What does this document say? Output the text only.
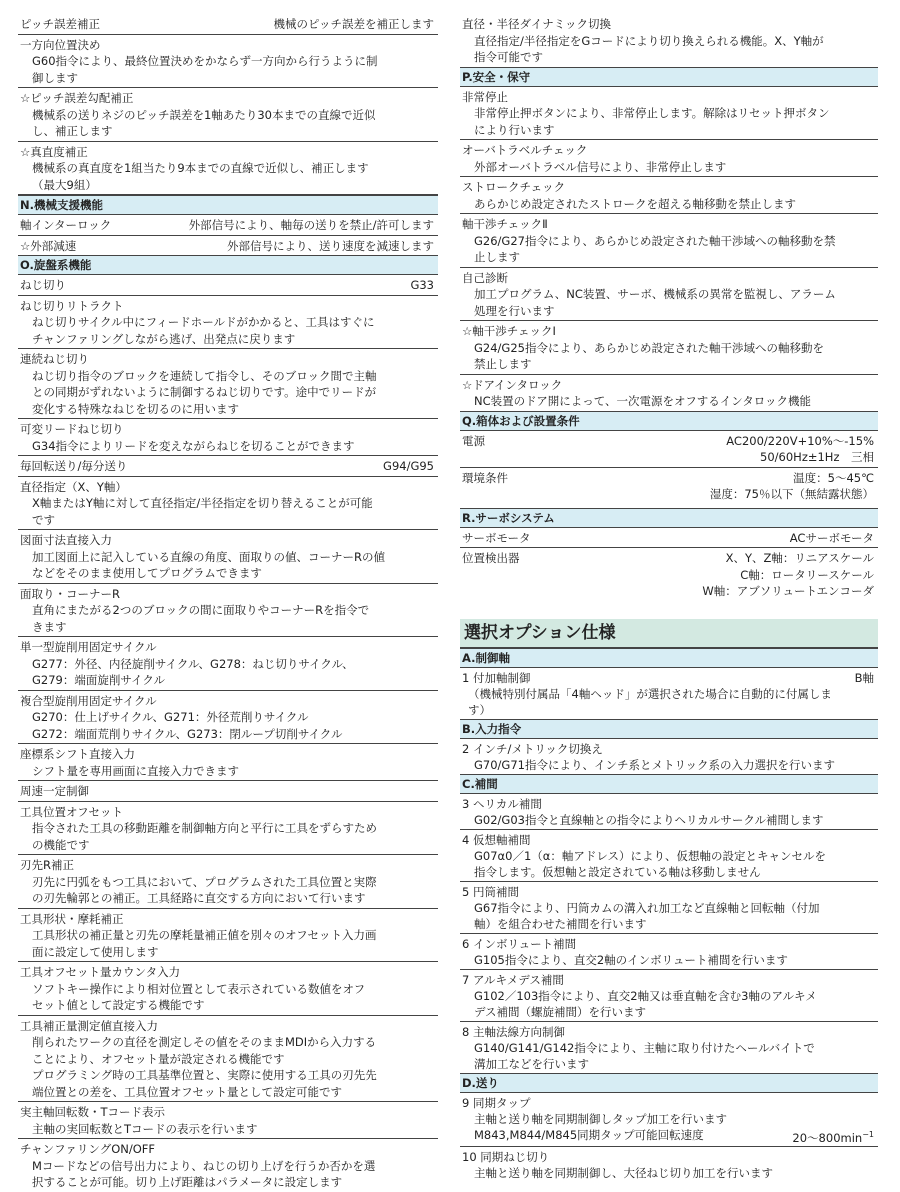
ピッチ誤差補正	機械のピッチ誤差を補正します
一方向位置決め
G60指令により、最終位置決めをかならず一方向から行うように制
御します
☆ピッチ誤差勾配補正
機械系の送りネジのピッチ誤差を1軸あたり30本までの直線で近似
し、補正します
☆真直度補正
機械系の真直度を1組当たり9本までの直線で近似し、補正します
（最大9組）
N.機械支援機能
軸インターロック	外部信号により、軸毎の送りを禁止/許可します
☆外部減速	外部信号により、送り速度を減速します
O.旋盤系機能
ねじ切り	G33
ねじ切りリトラクト
ねじ切りサイクル中にフィードホールドがかかると、工具はすぐに
チャンファリングしながら逃げ、出発点に戻ります
連続ねじ切り
ねじ切り指令のブロックを連続して指令し、そのブロック間で主軸
との同期がずれないように制御するねじ切りです。途中でリードが
変化する特殊なねじを切るのに用います
可変リードねじ切り
G34指令によりリードを変えながらねじを切ることができます
毎回転送り/毎分送り	G94/G95
直径指定（X、Y軸）
X軸またはY軸に対して直径指定/半径指定を切り替えることが可能
です
図面寸法直接入力
加工図面上に記入している直線の角度、面取りの値、コーナーRの値
などをそのまま使用してプログラムできます
面取り・コーナーR
直角にまたがる2つのブロックの間に面取りやコーナーRを指令で
きます
単一型旋削用固定サイクル
G277：外径、内径旋削サイクル、G278：ねじ切りサイクル、
G279：端面旋削サイクル
複合型旋削用固定サイクル
G270：仕上げサイクル、G271：外径荒削りサイクル
G272：端面荒削りサイクル、G273：閉ループ切削サイクル
座標系シフト直接入力
シフト量を専用画面に直接入力できます
周速一定制御
工具位置オフセット
指令された工具の移動距離を制御軸方向と平行に工具をずらすため
の機能です
刃先R補正
刃先に円弧をもつ工具において、プログラムされた工具位置と実際
の刃先輪郭との補正。工具経路に直交する方向において行います
工具形状・摩耗補正
工具形状の補正量と刃先の摩耗量補正値を別々のオフセット入力画
面に設定して使用します
工具オフセット量カウンタ入力
ソフトキー操作により相対位置として表示されている数値をオフ
セット値として設定する機能です
工具補正量測定値直接入力
削られたワークの直径を測定しその値をそのままMDIから入力する
ことにより、オフセット量が設定される機能です
プログラミング時の工具基準位置と、実際に使用する工具の刃先先
端位置との差を、工具位置オフセット量として設定可能です
実主軸回転数・Tコード表示
主軸の実回転数とTコードの表示を行います
チャンファリングON/OFF
Mコードなどの信号出力により、ねじの切り上げを行うか否かを選
択することが可能。切り上げ距離はパラメータに設定します
直径・半径ダイナミック切換
直径指定/半径指定をGコードにより切り換えられる機能。X、Y軸が
指令可能です
P.安全・保守
非常停止
非常停止押ボタンにより、非常停止します。解除はリセット押ボタン
により行います
オーバトラベルチェック
外部オーバトラベル信号により、非常停止します
ストロークチェック
あらかじめ設定されたストロークを超える軸移動を禁止します
軸干渉チェックⅡ
G26/G27指令により、あらかじめ設定された軸干渉域への軸移動を禁
止します
自己診断
加工プログラム、NC装置、サーボ、機械系の異常を監視し、アラーム
処理を行います
☆軸干渉チェックⅠ
G24/G25指令により、あらかじめ設定された軸干渉域への軸移動を
禁止します
☆ドアインタロック
NC装置のドア開によって、一次電源をオフするインタロック機能
Q.箱体および設置条件
電源	AC200/220V+10%～-15%
50/60Hz±1Hz　三相
環境条件	温度：5～45℃
湿度：75％以下（無結露状態）
R.サーボシステム
サーボモータ	ACサーボモータ
位置検出器	X、Y、Z軸：リニアスケール
C軸：ロータリースケール
W軸：アブソリュートエンコーダ
選択オプション仕様
A.制御軸
1 付加軸制御	B軸
（機械特別付属品「4軸ヘッド」が選択された場合に自動的に付属しま
す）
B.入力指令
2 インチ/メトリック切換え
G70/G71指令により、インチ系とメトリック系の入力選択を行います
C.補間
3 ヘリカル補間
G02/G03指令と直線軸との指令によりヘリカルサークル補間します
4 仮想軸補間
G07α0／1（α：軸アドレス）により、仮想軸の設定とキャンセルを
指令します。仮想軸と設定されている軸は移動しません
5 円筒補間
G67指令により、円筒カムの溝入れ加工など直線軸と回転軸（付加
軸）を組合わせた補間を行います
6 インボリュート補間
G105指令により、直交2軸のインボリュート補間を行います
7 アルキメデス補間
G102／103指令により、直交2軸又は垂直軸を含む3軸のアルキメ
デス補間（螺旋補間）を行います
8 主軸法線方向制御
G140/G141/G142指令により、主軸に取り付けたヘールバイトで
溝加工などを行います
D.送り
9 同期タップ
主軸と送り軸を同期制御しタップ加工を行います
M843,M844/M845同期タップ可能回転速度	$20\sim 800\min^{-1}$
10 同期ねじ切り
主軸と送り軸を同期制御し、大径ねじ切り加工を行います
